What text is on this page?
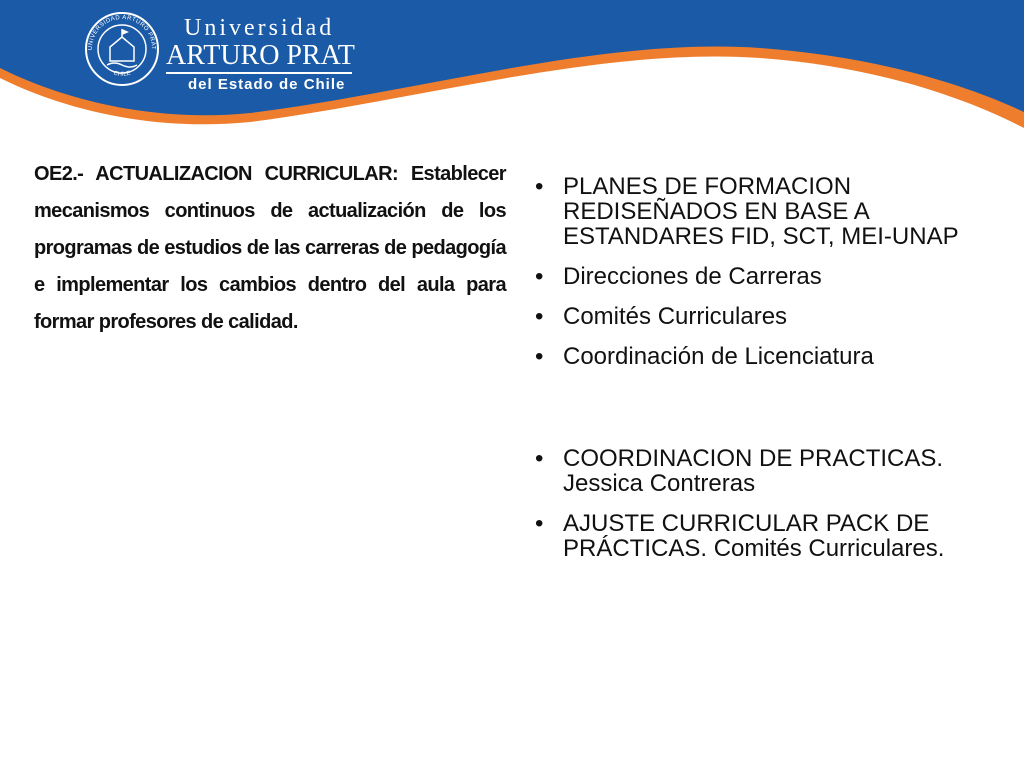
UNIVERSIDAD ARTURO PRAT
CHILE
Universidad
ARTURO PRAT
del Estado de Chile

OE2.- ACTUALIZACION CURRICULAR: Establecer mecanismos continuos de actualización de los programas de estudios de las carreras de pedagogía e implementar los cambios dentro del aula para formar profesores de calidad.

• PLANES DE FORMACION REDISEÑADOS EN BASE A ESTANDARES FID, SCT, MEI-UNAP
• Direcciones de Carreras
• Comités Curriculares
• Coordinación de Licenciatura
• COORDINACION DE PRACTICAS. Jessica Contreras
• AJUSTE CURRICULAR PACK DE PRÁCTICAS. Comités Curriculares.
